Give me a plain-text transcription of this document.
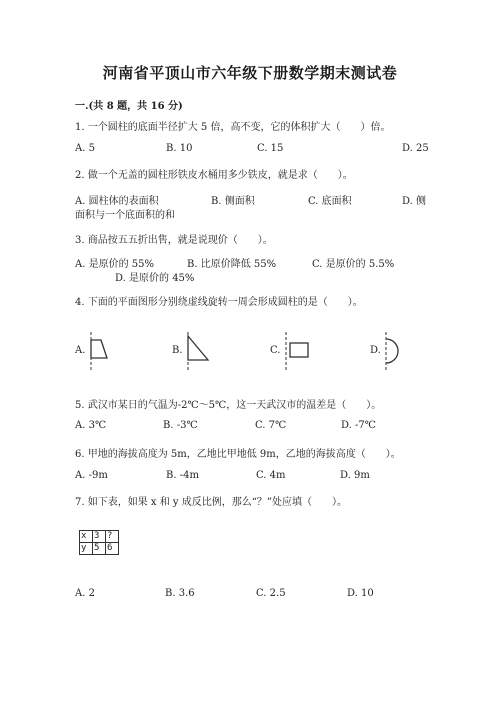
河南省平顶山市六年级下册数学期末测试卷
一.(共 8 题，共 16 分)
1. 一个圆柱的底面半径扩大 5 倍，高不变，它的体积扩大（　　）倍。
A. 5	B. 10	C. 15	D. 25
2. 做一个无盖的圆柱形铁皮水桶用多少铁皮，就是求（　　）。
A. 圆柱体的表面积	B. 侧面积	C. 底面积	D. 侧
面积与一个底面积的和
3. 商品按五五折出售，就是说现价（　　）。
A. 是原价的 55%	B. 比原价降低 55%	C. 是原价的 5.5%
D. 是原价的 45%
4. 下面的平面图形分别绕虚线旋转一周会形成圆柱的是（　　）。
A.	B.	C.	D.
5. 武汉市某日的气温为-2℃～5℃，这一天武汉市的温差是（　　）。
A. 3℃	B. -3℃	C. 7℃	D. -7℃
6. 甲地的海拔高度为 5m，乙地比甲地低 9m，乙地的海拔高度（　　）。
A. -9m	B. -4m	C. 4m	D. 9m
7. 如下表，如果 x 和 y 成反比例，那么“？”处应填（　　）。
x	3	?
y	5	6
A. 2	B. 3.6	C. 2.5	D. 10
